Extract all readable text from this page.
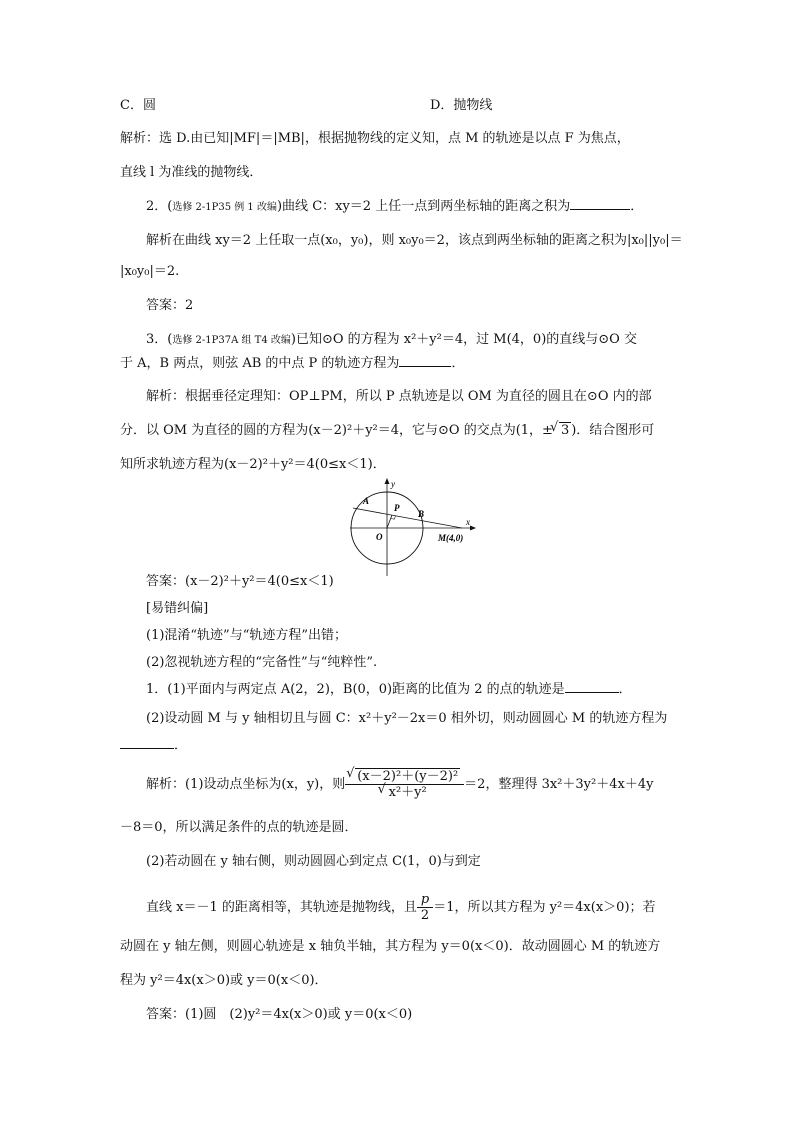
C．圆	D．抛物线
解析：选 D.由已知|MF|＝|MB|，根据抛物线的定义知，点 M 的轨迹是以点 F 为焦点，
直线 l 为准线的抛物线．
2．(选修 2-1P35 例 1 改编)曲线 C：xy＝2 上任一点到两坐标轴的距离之积为	．
解析在曲线 xy＝2 上任取一点(x₀，y₀)，则 x₀y₀＝2，该点到两坐标轴的距离之积为|x₀||y₀|＝
|x₀y₀|＝2.
答案：2
3．(选修 2-1P37A 组 T4 改编)已知⊙O 的方程为 x²＋y²＝4，过 M(4，0)的直线与⊙O 交
于 A，B 两点，则弦 AB 的中点 P 的轨迹方程为	．
解析：根据垂径定理知：OP⊥PM，所以 P 点轨迹是以 OM 为直径的圆且在⊙O 内的部
分．以 OM 为直径的圆的方程为(x－2)²＋y²＝4，它与⊙O 的交点为(1，± √ 3 )．结合图形可
知所求轨迹方程为(x－2)²＋y²＝4(0≤x＜1)．
y
x
A
P
B
O	M(4,0)
答案：(x－2)²＋y²＝4(0≤x＜1)
[易错纠偏]
(1)混淆“轨迹”与“轨迹方程”出错；
(2)忽视轨迹方程的“完备性”与“纯粹性”.
1．(1)平面内与两定点 A(2，2)，B(0，0)距离的比值为 2 的点的轨迹是	．
(2)设动圆 M 与 y 轴相切且与圆 C：x²＋y²－2x＝0 相外切，则动圆圆心 M 的轨迹方程为
．
解析：(1)设动点坐标为(x，y)，则 √ (x－2)²＋(y－2)²
√ x²＋y² ＝2，整理得 3x²＋3y²＋4x＋4y
－8＝0，所以满足条件的点的轨迹是圆．
(2)若动圆在 y 轴右侧，则动圆圆心到定点 C(1，0)与到定
直线 x＝－1 的距离相等，其轨迹是抛物线，且 $\frac{p}{2} =1$，所以其方程为 y²＝4x(x＞0)；若
动圆在 y 轴左侧，则圆心轨迹是 x 轴负半轴，其方程为 y＝0(x＜0)．故动圆圆心 M 的轨迹方
程为 y²＝4x(x＞0)或 y＝0(x＜0)．
答案：(1)圆　(2)y²＝4x(x＞0)或 y＝0(x＜0)
